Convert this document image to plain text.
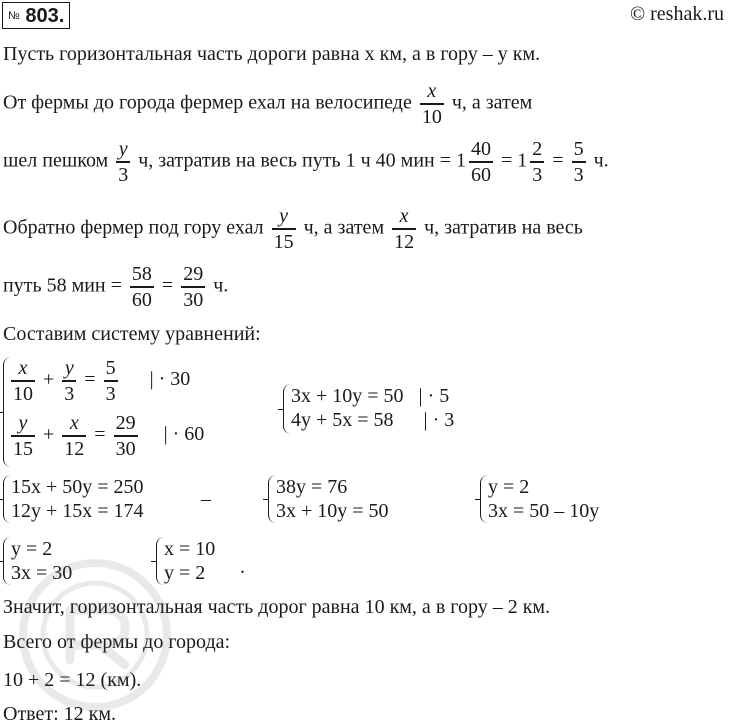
№ 803.	© reshak.ru
Пусть горизонтальная часть дороги равна x км, а в гору – y км.
От фермы до города фермер ехал на велосипеде $\frac{x}{10} ч$, а затем
шел пешком $\frac{y}{3} ч$, затратив на весь путь 1 ч 40 мин = $1 \frac{40}{60} = 1 \frac{2}{3} = \frac{5}{3} ч$.
Обратно фермер под гору ехал $\frac{y}{15} ч$, а затем $\frac{x}{12} ч$, затратив на весь
путь 58 мин = $\frac{58}{60} = \frac{29}{30} ч$.
Составим систему уравнений:
$\frac{x}{10} + \frac{y}{3} = \frac{5}{3}$ | · 30
$\frac{y}{15} + \frac{x}{12} = \frac{29}{30}$ | · 60
3x + 10y = 50   | · 5
4y + 5x = 58      | · 3
15x + 50y = 250
12y + 15x = 174
–
38y = 76
3x + 10y = 50
y = 2
3x = 50 – 10y
y = 2
3x = 30
x = 10
y = 2 .
Значит, горизонтальная часть дорог равна 10 км, а в гору – 2 км.
Всего от фермы до города:
10 + 2 = 12 (км).
Ответ: 12 км.
